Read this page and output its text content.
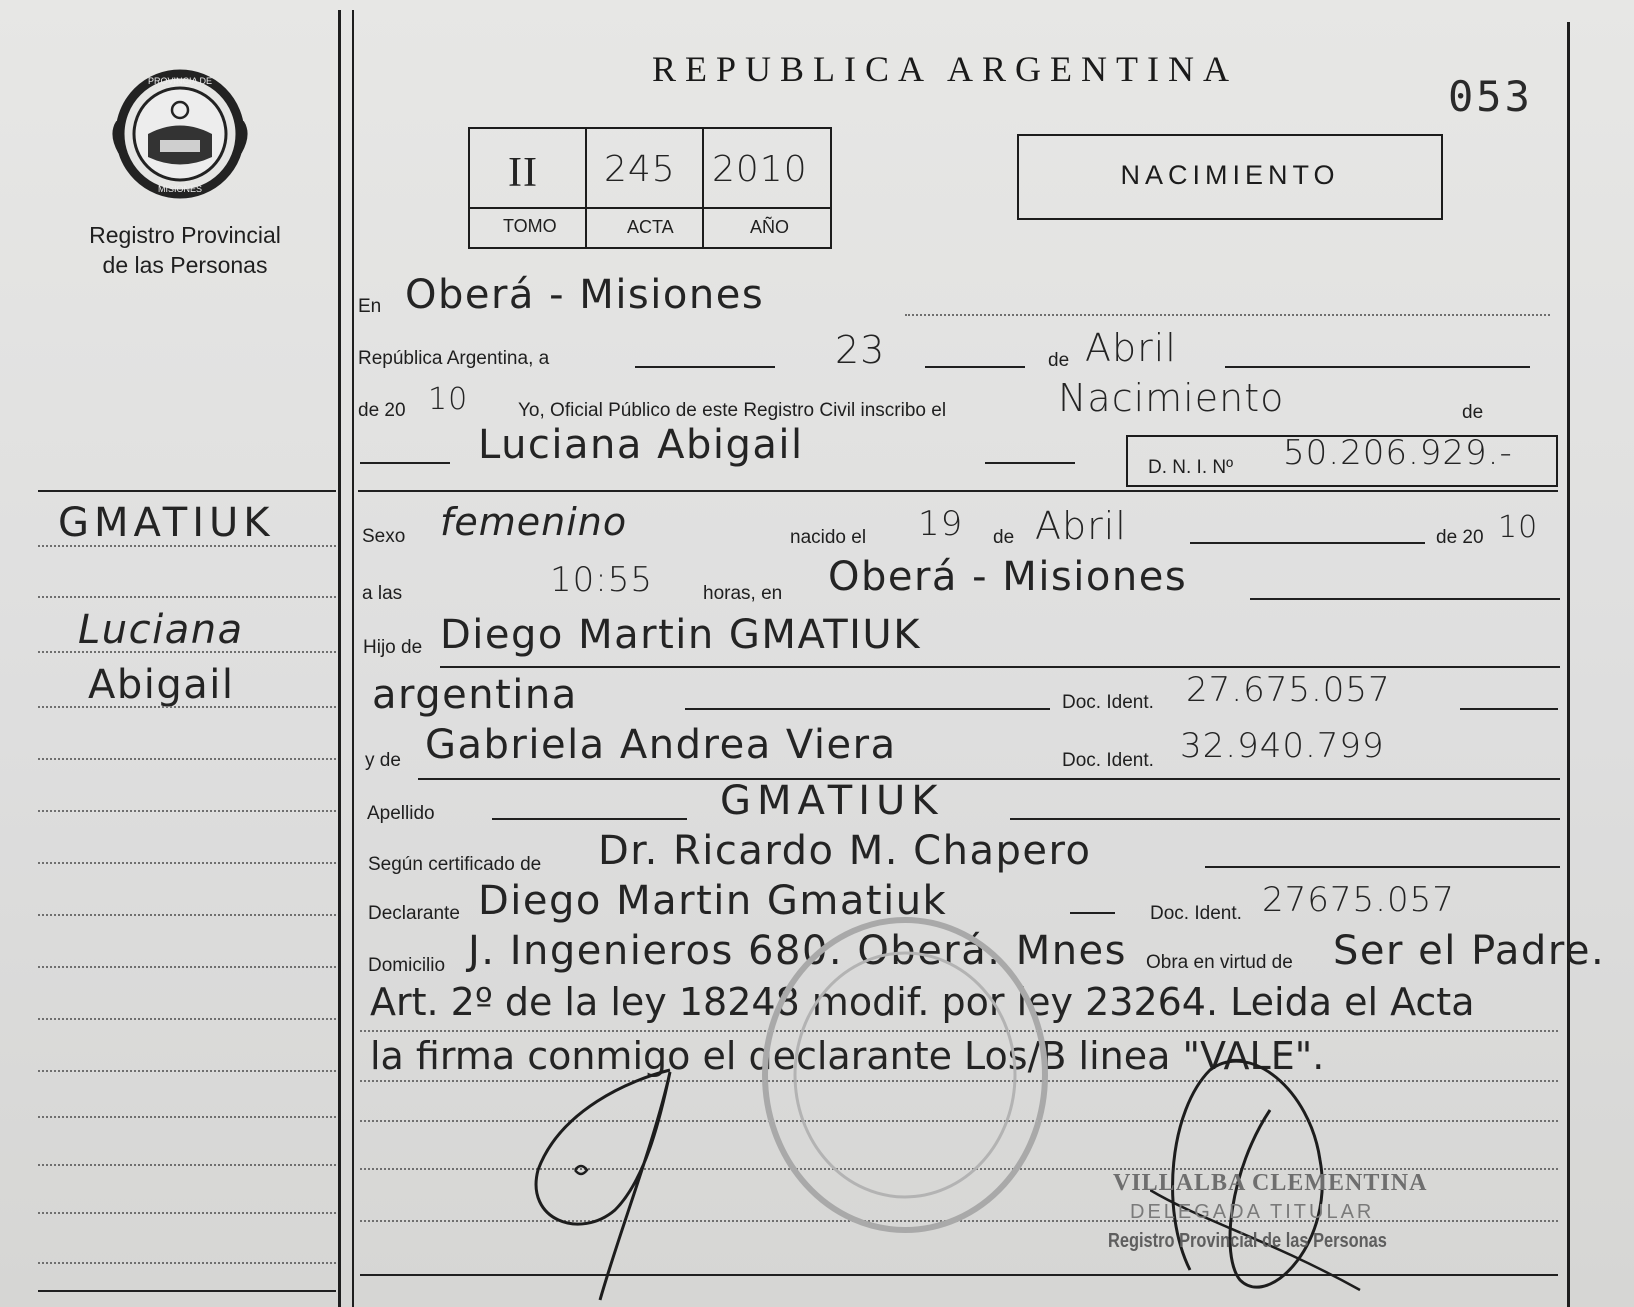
PROVINCIA DE
MISIONES
Registro Provincial
de las Personas
REPUBLICA ARGENTINA
053
II 245 2010
TOMO	ACTA	AÑO
NACIMIENTO
GMATIUK
Luciana
Abigail
En Oberá - Misiones
República Argentina, a	23	de Abril
de 20 10	Yo, Oficial Público de este Registro Civil inscribo el	Nacimiento	de
Luciana Abigail	D. N. I. Nº 50.206.929.-
Sexo femenino	nacido el 19 de Abril	de 20 10
a las	10:55	horas, en Oberá - Misiones
Hijo de Diego Martin GMATIUK
argentina	Doc. Ident. 27.675.057
y de Gabriela Andrea Viera	Doc. Ident. 32.940.799
Apellido	GMATIUK
Según certificado de Dr. Ricardo M. Chapero
Declarante Diego Martin Gmatiuk	Doc. Ident. 27675.057
Domicilio J. Ingenieros 680. Oberá. Mnes Obra en virtud de Ser el Padre.
Art. 2º de la ley 18248 modif. por ley 23264. Leida el Acta
la firma conmigo el declarante Los/B linea "VALE".
VILLALBA CLEMENTINA
DELEGADA TITULAR
Registro Provincial de las Personas
